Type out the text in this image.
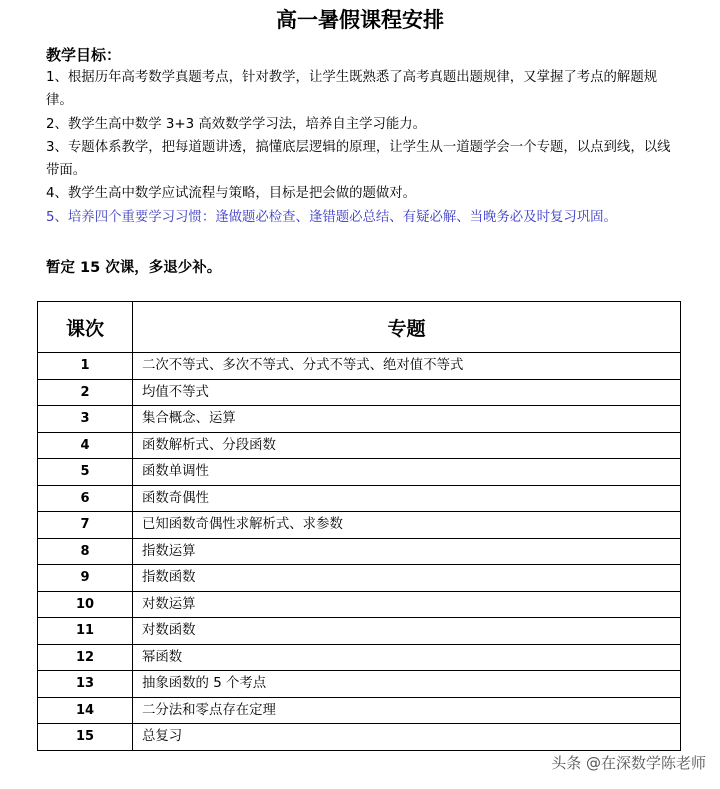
高一暑假课程安排
教学目标：

1、根据历年高考数学真题考点，针对教学，让学生既熟悉了高考真题出题规律，又掌握了考点的解题规律。

2、教学生高中数学 3+3 高效数学学习法，培养自主学习能力。

3、专题体系教学，把每道题讲透，搞懂底层逻辑的原理，让学生从一道题学会一个专题，以点到线，以线带面。

4、教学生高中数学应试流程与策略，目标是把会做的题做对。

5、培养四个重要学习习惯：逢做题必检查、逢错题必总结、有疑必解、当晚务必及时复习巩固。

暂定 15 次课，多退少补。
课次	专题
1	二次不等式、多次不等式、分式不等式、绝对值不等式
2	均值不等式
3	集合概念、运算
4	函数解析式、分段函数
5	函数单调性
6	函数奇偶性
7	已知函数奇偶性求解析式、求参数
8	指数运算
9	指数函数
10	对数运算
11	对数函数
12	幂函数
13	抽象函数的 5 个考点
14	二分法和零点存在定理
15	总复习
头条 @在深数学陈老师
